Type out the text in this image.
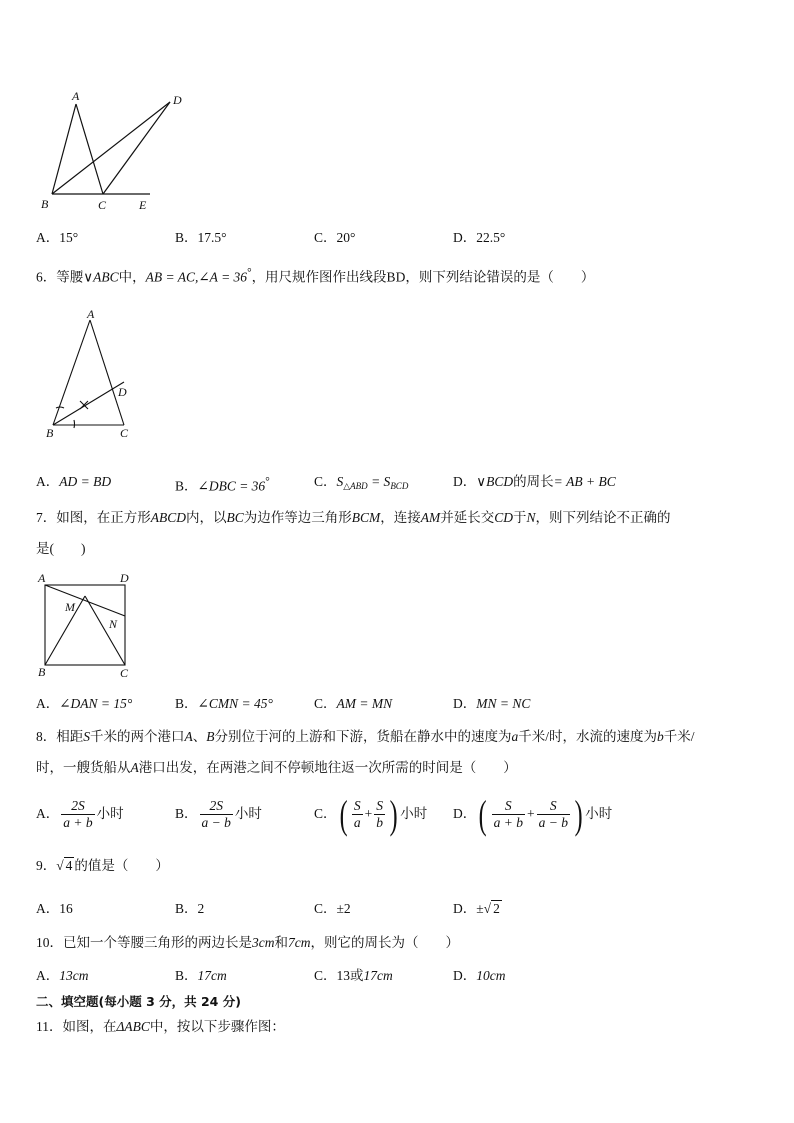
A	D
B	C	E
A．15°	B．17.5°	C．20°	D．22.5°
6．等腰∨ABC中，AB = AC,∠A = 36°，用尺规作图作出线段BD，则下列结论错误的是（　　）
A
D
B	C
A．AD = BD	B．∠DBC = 36°	C．$S_{\triangle ABD} = S_{BCD}$	D．∨BCD的周长= AB + BC
7．如图，在正方形ABCD内，以BC为边作等边三角形BCM，连接AM并延长交CD于N，则下列结论不正确的
是(　　)
A	D
M
N
B	C
A．∠DAN = 15°	B．∠CMN = 45°	C．AM = MN	D．MN = NC
8．相距S千米的两个港口A、B分别位于河的上游和下游，货船在静水中的速度为a千米/时，水流的速度为b千米/
时，一艘货船从A港口出发，在两港之间不停顿地往返一次所需的时间是（　　）
A． $\frac{2S}{a + b}$ 小时	B． $\frac{2S}{a - b}$ 小时	C．( $\frac{S}{a} + \frac{S}{b}$ ) 小时 D．( $\frac{S}{a + b} + \frac{S}{a - b}$ ) 小时
9．√ 4 的值是（　　）
A．16	B．2	C．±2	D．±√ 2
10．已知一个等腰三角形的两边长是3cm和7cm，则它的周长为（　　）
A．13cm	B．17cm	C．13或17cm	D．10cm
二、填空题(每小题 3 分，共 24 分)
11．如图，在ΔABC中，按以下步骤作图：
